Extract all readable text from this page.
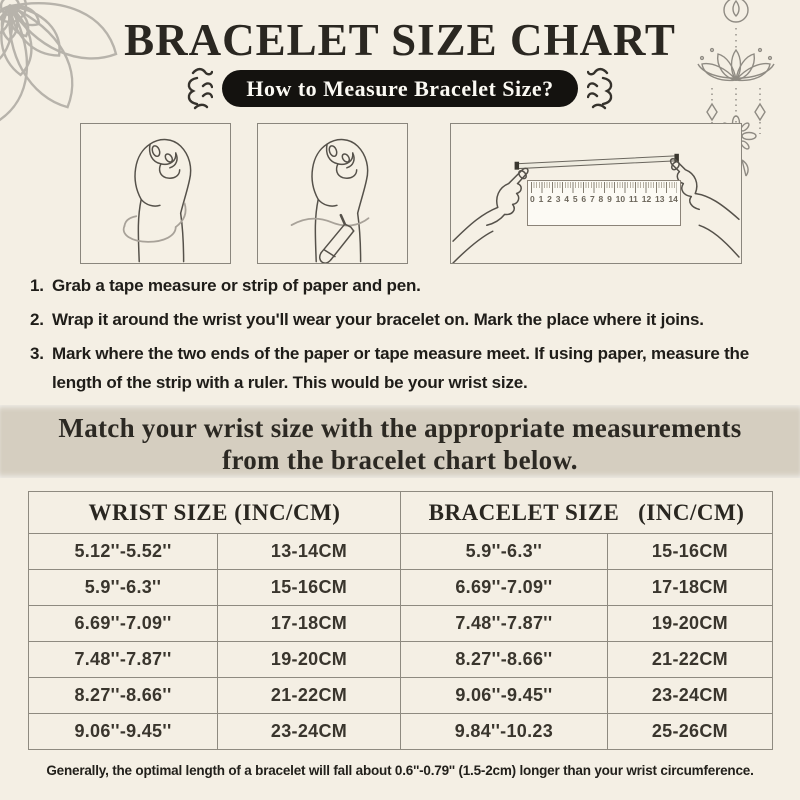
BRACELET SIZE CHART
How to Measure Bracelet Size?
0 1 2 3 4 5 6 7 8 9 10 11 12 13 14
1. Grab a tape measure or strip of paper and pen.
2. Wrap it around the wrist you'll wear your bracelet on. Mark the place where it joins.
3. Mark where the two ends of the paper or tape measure meet. If using paper, measure the length of the strip with a ruler. This would be your wrist size.
Match your wrist size with the appropriate measurements
from the bracelet chart below.
WRIST SIZE (INC/CM)		BRACELET SIZE   (INC/CM)	
5.12''-5.52''	13-14CM	5.9''-6.3''	15-16CM
5.9''-6.3''	15-16CM	6.69''-7.09''	17-18CM
6.69''-7.09''	17-18CM	7.48''-7.87''	19-20CM
7.48''-7.87''	19-20CM	8.27''-8.66''	21-22CM
8.27''-8.66''	21-22CM	9.06''-9.45''	23-24CM
9.06''-9.45''	23-24CM	9.84''-10.23	25-26CM
Generally, the optimal length of a bracelet will fall about 0.6''-0.79'' (1.5-2cm) longer than your wrist circumference.
